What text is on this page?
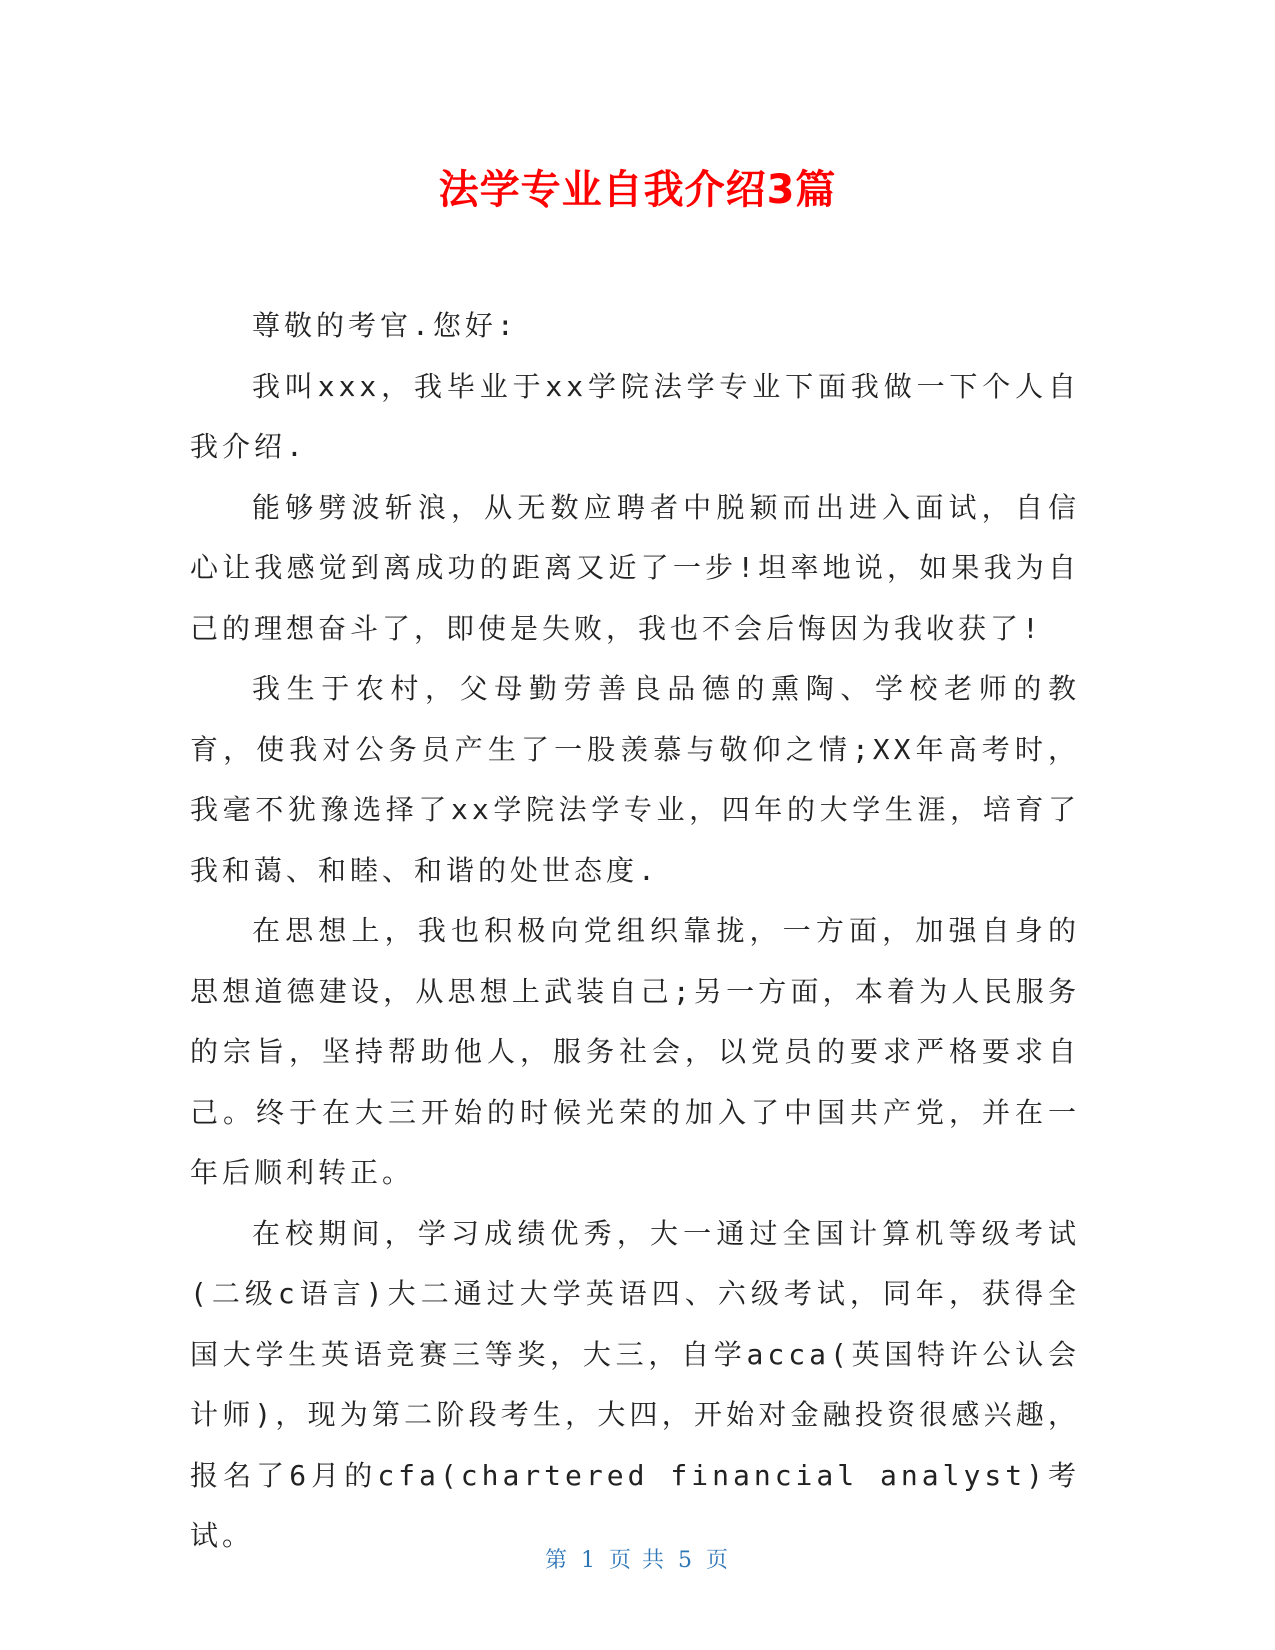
法学专业自我介绍3篇

尊敬的考官.您好:

我叫xxx，我毕业于xx学院法学专业下面我做一下个人自我介绍.

能够劈波斩浪，从无数应聘者中脱颖而出进入面试，自信心让我感觉到离成功的距离又近了一步!坦率地说，如果我为自己的理想奋斗了，即使是失败，我也不会后悔因为我收获了!

我生于农村，父母勤劳善良品德的熏陶、学校老师的教育，使我对公务员产生了一股羡慕与敬仰之情;XX年高考时，我毫不犹豫选择了xx学院法学专业，四年的大学生涯，培育了我和蔼、和睦、和谐的处世态度.

在思想上，我也积极向党组织靠拢，一方面，加强自身的思想道德建设，从思想上武装自己;另一方面，本着为人民服务的宗旨，坚持帮助他人，服务社会，以党员的要求严格要求自己。终于在大三开始的时候光荣的加入了中国共产党，并在一年后顺利转正。

在校期间，学习成绩优秀，大一通过全国计算机等级考试(二级c语言)大二通过大学英语四、六级考试，同年，获得全国大学生英语竞赛三等奖，大三，自学acca(英国特许公认会计师)，现为第二阶段考生，大四，开始对金融投资很感兴趣，报名了6月的cfa(chartered financial analyst)考试。

第 1 页 共 5 页
